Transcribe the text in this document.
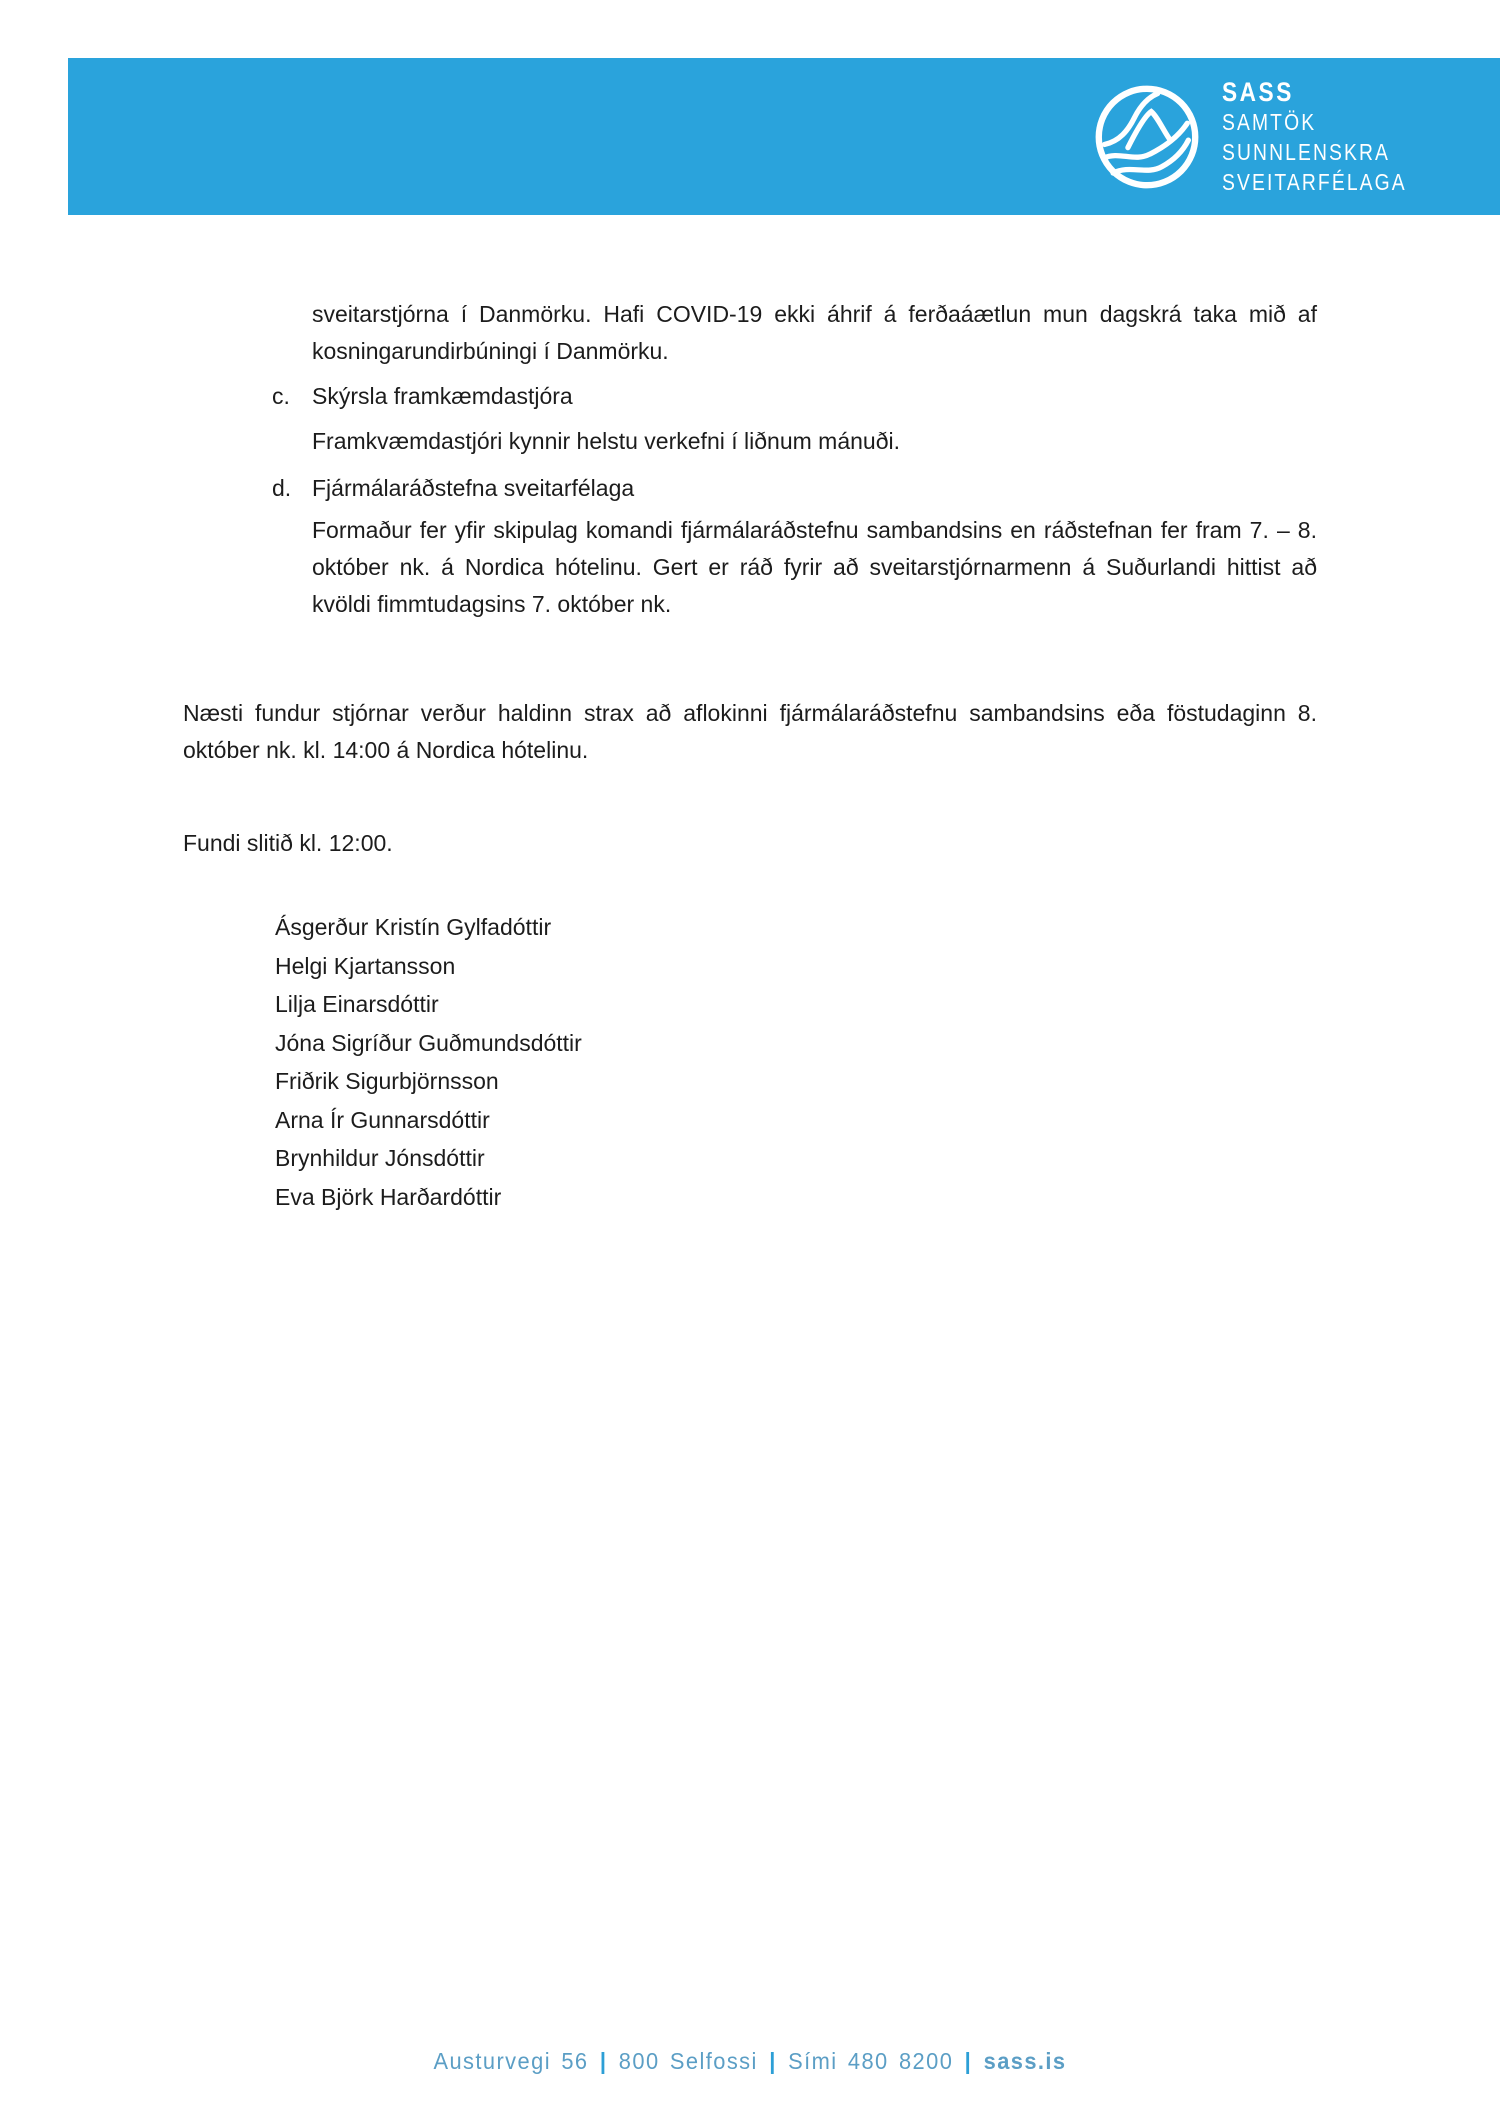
SASS
SAMTÖK
SUNNLENSKRA
SVEITARFÉLAGA

sveitarstjórna í Danmörku. Hafi COVID-19 ekki áhrif á ferðaáætlun mun dagskrá taka mið af kosningarundirbúningi í Danmörku.

c. Skýrsla framkæmdastjóra

Framkvæmdastjóri kynnir helstu verkefni í liðnum mánuði.

d. Fjármálaráðstefna sveitarfélaga

Formaður fer yfir skipulag komandi fjármálaráðstefnu sambandsins en ráðstefnan fer fram 7. – 8. október nk. á Nordica hótelinu. Gert er ráð fyrir að sveitarstjórnarmenn á Suðurlandi hittist að kvöldi fimmtudagsins 7. október nk.

Næsti fundur stjórnar verður haldinn strax að aflokinni fjármálaráðstefnu sambandsins eða föstudaginn 8. október nk. kl. 14:00 á Nordica hótelinu.

Fundi slitið kl. 12:00.

Ásgerður Kristín Gylfadóttir
Helgi Kjartansson
Lilja Einarsdóttir
Jóna Sigríður Guðmundsdóttir
Friðrik Sigurbjörnsson
Arna Ír Gunnarsdóttir
Brynhildur Jónsdóttir
Eva Björk Harðardóttir
Austurvegi 56 | 800 Selfossi | Sími 480 8200 | sass.is
